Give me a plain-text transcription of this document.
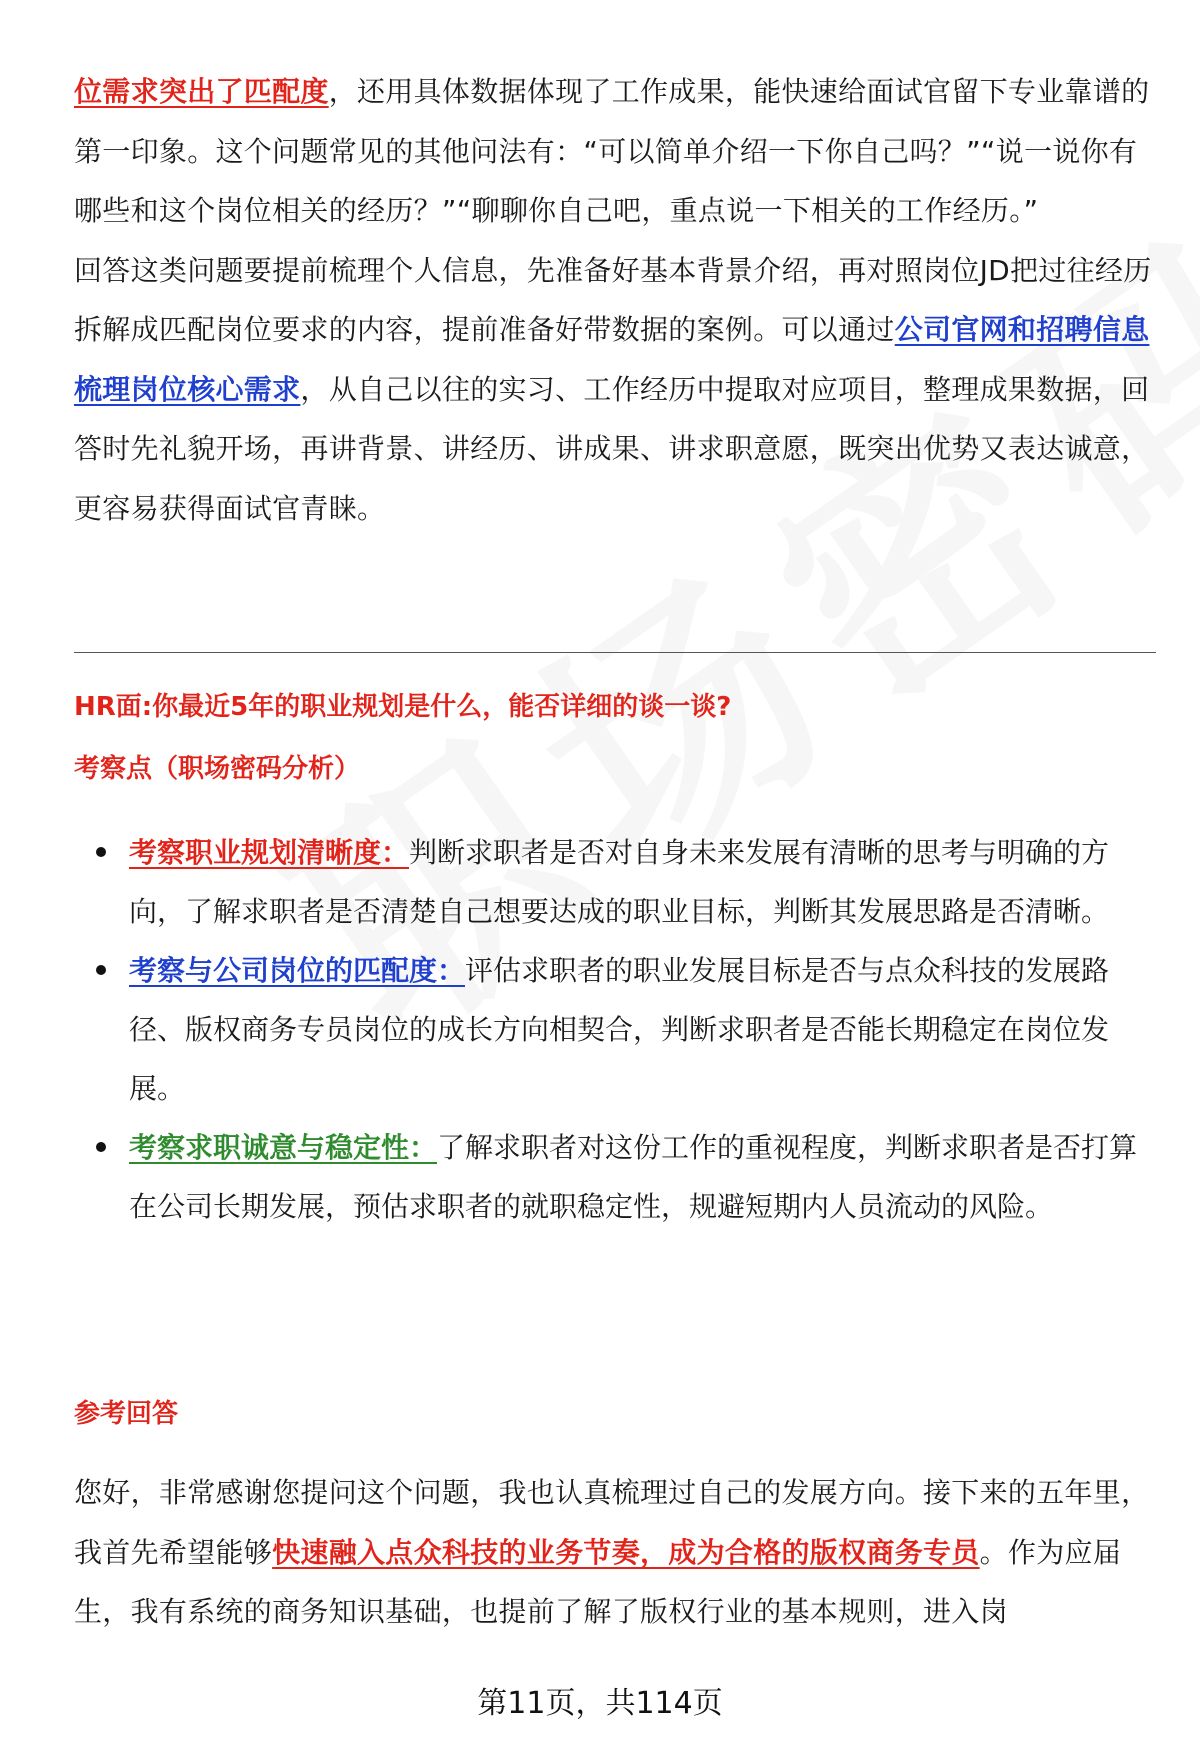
位需求突出了匹配度，还用具体数据体现了工作成果，能快速给面试官留下专业靠谱的第一印象。这个问题常见的其他问法有：“可以简单介绍一下你自己吗？”“说一说你有哪些和这个岗位相关的经历？”“聊聊你自己吧，重点说一下相关的工作经历。”

回答这类问题要提前梳理个人信息，先准备好基本背景介绍，再对照岗位JD把过往经历拆解成匹配岗位要求的内容，提前准备好带数据的案例。可以通过公司官网和招聘信息梳理岗位核心需求，从自己以往的实习、工作经历中提取对应项目，整理成果数据，回答时先礼貌开场，再讲背景、讲经历、讲成果、讲求职意愿，既突出优势又表达诚意，更容易获得面试官青睐。

HR面:你最近5年的职业规划是什么，能否详细的谈一谈?
考察点（职场密码分析）
考察职业规划清晰度：判断求职者是否对自身未来发展有清晰的思考与明确的方向，了解求职者是否清楚自己想要达成的职业目标，判断其发展思路是否清晰。
考察与公司岗位的匹配度：评估求职者的职业发展目标是否与点众科技的发展路径、版权商务专员岗位的成长方向相契合，判断求职者是否能长期稳定在岗位发展。
考察求职诚意与稳定性：了解求职者对这份工作的重视程度，判断求职者是否打算在公司长期发展，预估求职者的就职稳定性，规避短期内人员流动的风险。
参考回答

您好，非常感谢您提问这个问题，我也认真梳理过自己的发展方向。接下来的五年里，我首先希望能够快速融入点众科技的业务节奏，成为合格的版权商务专员。作为应届生，我有系统的商务知识基础，也提前了解了版权行业的基本规则，进入岗

第11页，共114页
